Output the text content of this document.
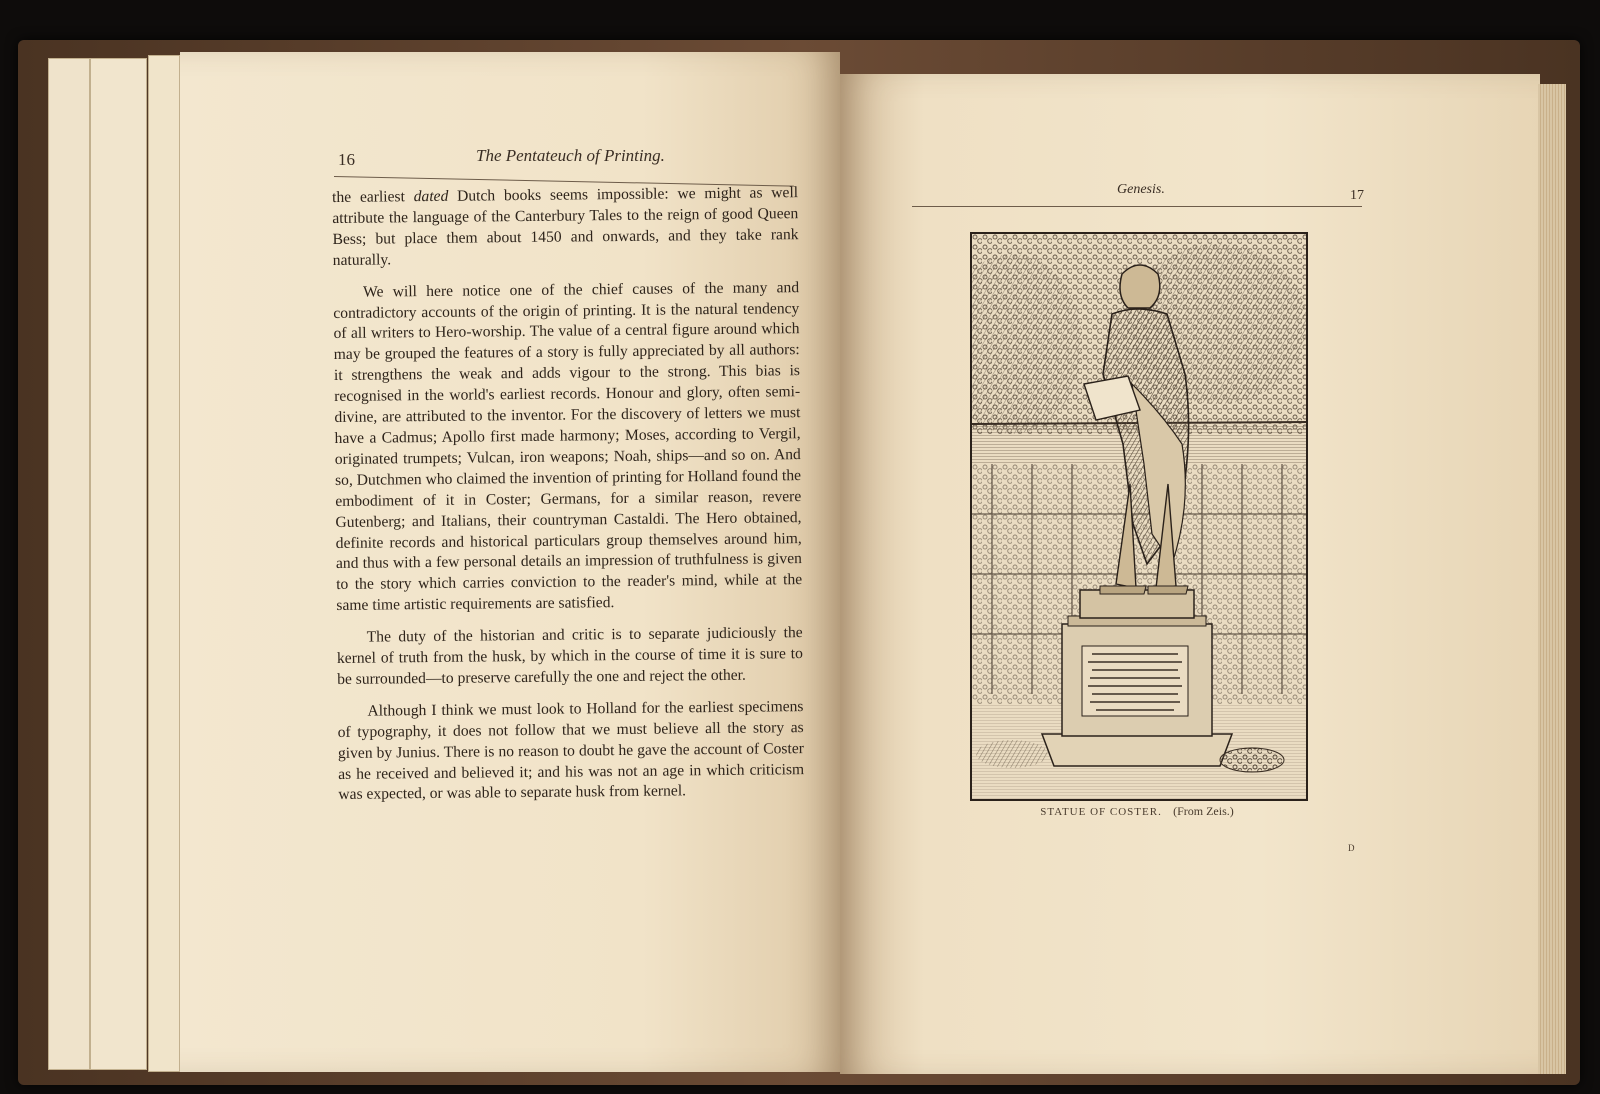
16	The Pentateuch of Printing.

the earliest dated Dutch books seems impossible: we might as well attribute the language of the Canterbury Tales to the reign of good Queen Bess; but place them about 1450 and onwards, and they take rank naturally.

We will here notice one of the chief causes of the many and contradictory accounts of the origin of printing. It is the natural tendency of all writers to Hero-worship. The value of a central figure around which may be grouped the features of a story is fully appreciated by all authors: it strengthens the weak and adds vigour to the strong. This bias is recognised in the world's earliest records. Honour and glory, often semi-divine, are attributed to the inventor. For the discovery of letters we must have a Cadmus; Apollo first made harmony; Moses, according to Vergil, originated trumpets; Vulcan, iron weapons; Noah, ships—and so on. And so, Dutchmen who claimed the invention of printing for Holland found the embodiment of it in Coster; Germans, for a similar reason, revere Gutenberg; and Italians, their countryman Castaldi. The Hero obtained, definite records and historical particulars group themselves around him, and thus with a few personal details an impression of truthfulness is given to the story which carries conviction to the reader's mind, while at the same time artistic requirements are satisfied.

The duty of the historian and critic is to separate judiciously the kernel of truth from the husk, by which in the course of time it is sure to be surrounded—to preserve carefully the one and reject the other.

Although I think we must look to Holland for the earliest specimens of typography, it does not follow that we must believe all the story as given by Junius. There is no reason to doubt he gave the account of Coster as he received and believed it; and his was not an age in which criticism was expected, or was able to separate husk from kernel.

Genesis.	17
STATUE OF COSTER. (From Zeis.)
D
